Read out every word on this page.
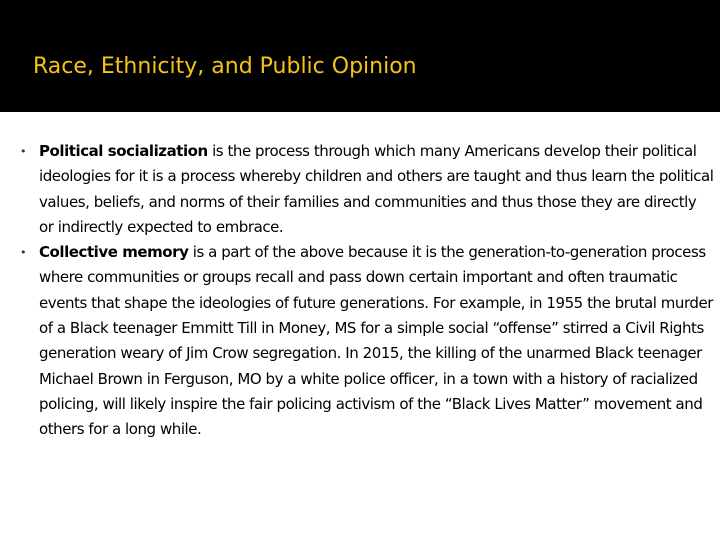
Race, Ethnicity, and Public Opinion
• Political socialization is the process through which many Americans develop their political ideologies for it is a process whereby children and others are taught and thus learn the political values, beliefs, and norms of their families and communities and thus those they are directly or indirectly expected to embrace.
• Collective memory is a part of the above because it is the generation-to-generation process where communities or groups recall and pass down certain important and often traumatic events that shape the ideologies of future generations. For example, in 1955 the brutal murder of a Black teenager Emmitt Till in Money, MS for a simple social “offense” stirred a Civil Rights generation weary of Jim Crow segregation. In 2015, the killing of the unarmed Black teenager Michael Brown in Ferguson, MO by a white police officer, in a town with a history of racialized policing, will likely inspire the fair policing activism of the “Black Lives Matter” movement and others for a long while.
